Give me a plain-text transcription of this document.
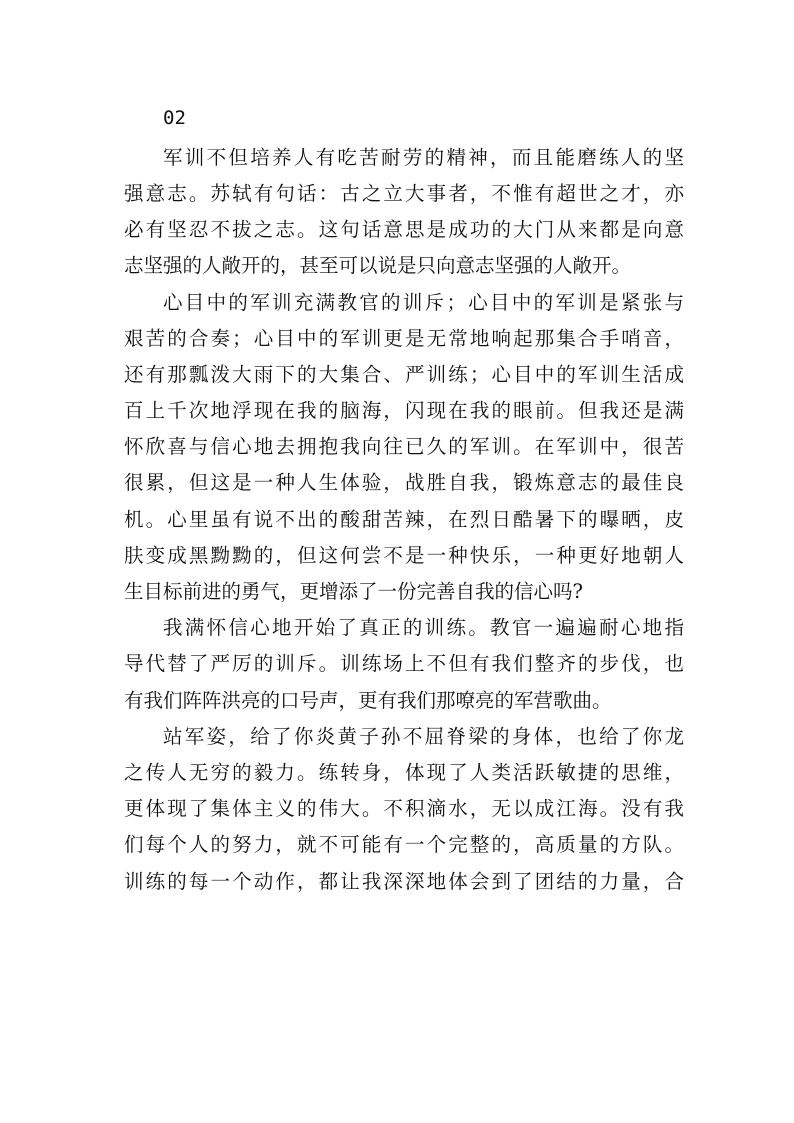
02
军训不但培养人有吃苦耐劳的精神，而且能磨练人的坚
强意志。苏轼有句话：古之立大事者，不惟有超世之才，亦
必有坚忍不拔之志。这句话意思是成功的大门从来都是向意
志坚强的人敞开的，甚至可以说是只向意志坚强的人敞开。
心目中的军训充满教官的训斥；心目中的军训是紧张与
艰苦的合奏；心目中的军训更是无常地响起那集合手哨音，
还有那瓢泼大雨下的大集合、严训练；心目中的军训生活成
百上千次地浮现在我的脑海，闪现在我的眼前。但我还是满
怀欣喜与信心地去拥抱我向往已久的军训。在军训中，很苦
很累，但这是一种人生体验，战胜自我，锻炼意志的最佳良
机。心里虽有说不出的酸甜苦辣，在烈日酷暑下的曝晒，皮
肤变成黑黝黝的，但这何尝不是一种快乐，一种更好地朝人
生目标前进的勇气，更增添了一份完善自我的信心吗?
我满怀信心地开始了真正的训练。教官一遍遍耐心地指
导代替了严厉的训斥。训练场上不但有我们整齐的步伐，也
有我们阵阵洪亮的口号声，更有我们那嘹亮的军营歌曲。
站军姿，给了你炎黄子孙不屈脊梁的身体，也给了你龙
之传人无穷的毅力。练转身，体现了人类活跃敏捷的思维，
更体现了集体主义的伟大。不积滴水，无以成江海。没有我
们每个人的努力，就不可能有一个完整的，高质量的方队。
训练的每一个动作，都让我深深地体会到了团结的力量，合
